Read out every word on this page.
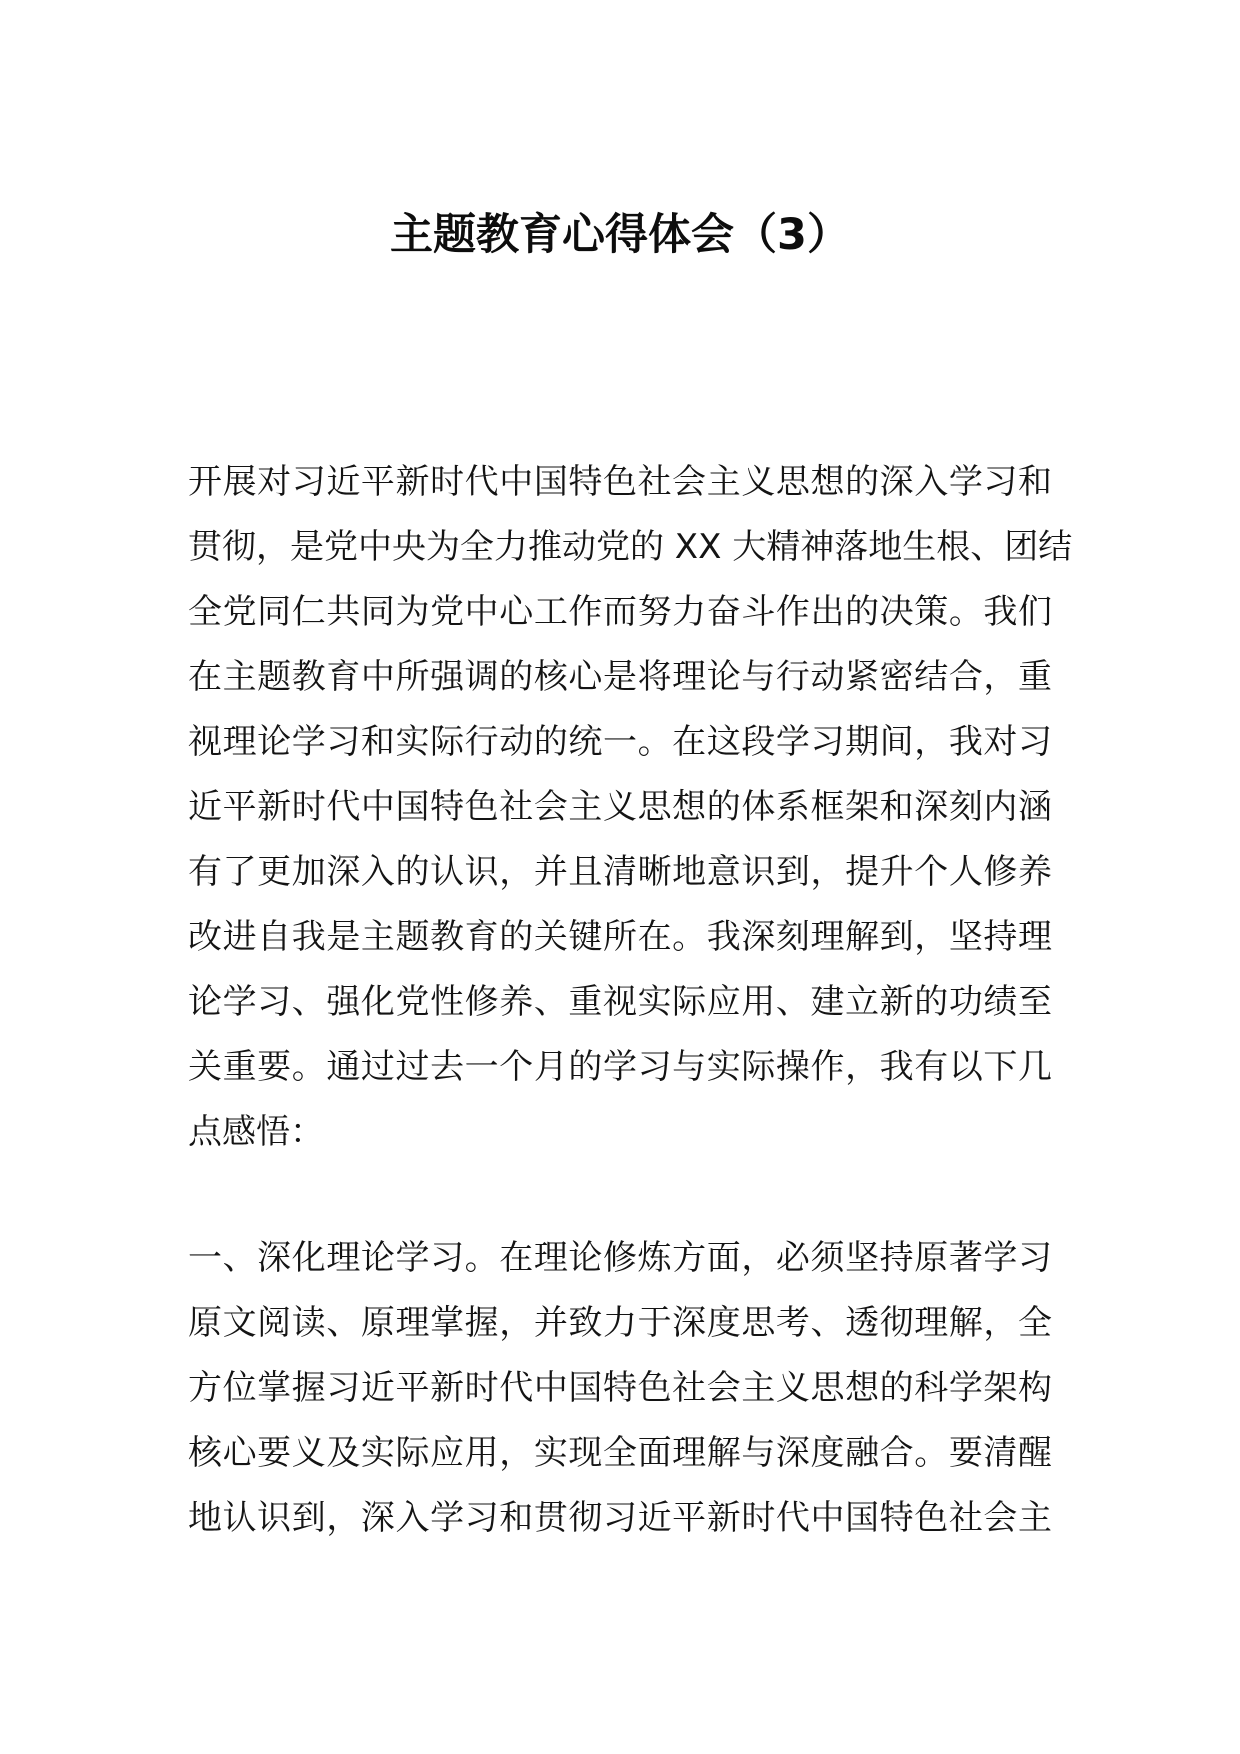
主题教育心得体会（3）
开展对习近平新时代中国特色社会主义思想的深入学习和
贯彻，是党中央为全力推动党的 XX 大精神落地生根、团结
全党同仁共同为党中心工作而努力奋斗作出的决策。我们
在主题教育中所强调的核心是将理论与行动紧密结合，重
视理论学习和实际行动的统一。在这段学习期间，我对习
近平新时代中国特色社会主义思想的体系框架和深刻内涵
有了更加深入的认识，并且清晰地意识到，提升个人修养
改进自我是主题教育的关键所在。我深刻理解到，坚持理
论学习、强化党性修养、重视实际应用、建立新的功绩至
关重要。通过过去一个月的学习与实际操作，我有以下几
点感悟：
一、深化理论学习。在理论修炼方面，必须坚持原著学习
原文阅读、原理掌握，并致力于深度思考、透彻理解，全
方位掌握习近平新时代中国特色社会主义思想的科学架构
核心要义及实际应用，实现全面理解与深度融合。要清醒
地认识到，深入学习和贯彻习近平新时代中国特色社会主
